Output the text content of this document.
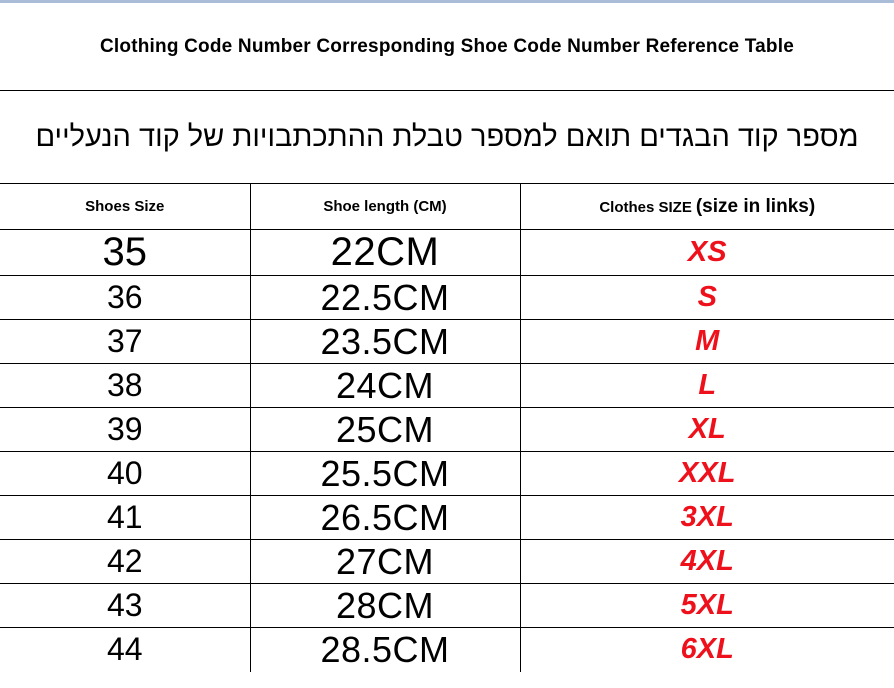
Clothing Code Number Corresponding Shoe Code Number Reference Table
מספר קוד הבגדים תואם למספר טבלת ההתכתבויות של קוד הנעליים
Shoes Size	Shoe length (CM)	Clothes SIZE (size in links)
35	22CM	XS
36	22.5CM	S
37	23.5CM	M
38	24CM	L
39	25CM	XL
40	25.5CM	XXL
41	26.5CM	3XL
42	27CM	4XL
43	28CM	5XL
44	28.5CM	6XL
